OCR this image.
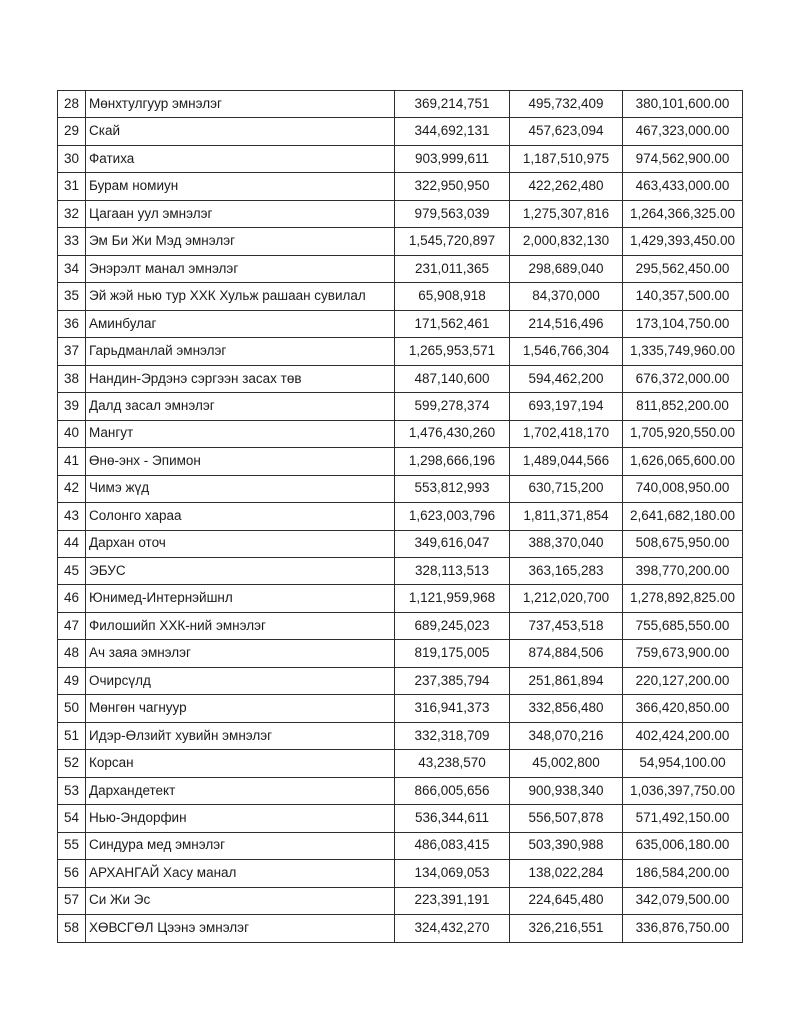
28	Мөнхтулгуур эмнэлэг	369,214,751	495,732,409	380,101,600.00
29	Скай	344,692,131	457,623,094	467,323,000.00
30	Фатиха	903,999,611	1,187,510,975	974,562,900.00
31	Бурам номиун	322,950,950	422,262,480	463,433,000.00
32	Цагаан уул эмнэлэг	979,563,039	1,275,307,816	1,264,366,325.00
33	Эм Би Жи Мэд эмнэлэг	1,545,720,897	2,000,832,130	1,429,393,450.00
34	Энэрэлт манал эмнэлэг	231,011,365	298,689,040	295,562,450.00
35	Эй жэй нью тур ХХК Хульж рашаан сувилал	65,908,918	84,370,000	140,357,500.00
36	Аминбулаг	171,562,461	214,516,496	173,104,750.00
37	Гарьдманлай эмнэлэг	1,265,953,571	1,546,766,304	1,335,749,960.00
38	Нандин-Эрдэнэ сэргээн засах төв	487,140,600	594,462,200	676,372,000.00
39	Далд засал эмнэлэг	599,278,374	693,197,194	811,852,200.00
40	Мангут	1,476,430,260	1,702,418,170	1,705,920,550.00
41	Өнө-энх - Эпимон	1,298,666,196	1,489,044,566	1,626,065,600.00
42	Чимэ жүд	553,812,993	630,715,200	740,008,950.00
43	Солонго хараа	1,623,003,796	1,811,371,854	2,641,682,180.00
44	Дархан оточ	349,616,047	388,370,040	508,675,950.00
45	ЭБУС	328,113,513	363,165,283	398,770,200.00
46	Юнимед-Интернэйшнл	1,121,959,968	1,212,020,700	1,278,892,825.00
47	Филошийп ХХК-ний эмнэлэг	689,245,023	737,453,518	755,685,550.00
48	Ач заяа эмнэлэг	819,175,005	874,884,506	759,673,900.00
49	Очирсүлд	237,385,794	251,861,894	220,127,200.00
50	Мөнгөн чагнуур	316,941,373	332,856,480	366,420,850.00
51	Идэр-Өлзийт хувийн эмнэлэг	332,318,709	348,070,216	402,424,200.00
52	Корсан	43,238,570	45,002,800	54,954,100.00
53	Дархандетект	866,005,656	900,938,340	1,036,397,750.00
54	Нью-Эндорфин	536,344,611	556,507,878	571,492,150.00
55	Синдура мед эмнэлэг	486,083,415	503,390,988	635,006,180.00
56	АРХАНГАЙ Хасу манал	134,069,053	138,022,284	186,584,200.00
57	Си Жи Эс	223,391,191	224,645,480	342,079,500.00
58	ХӨВСГӨЛ Цээнэ эмнэлэг	324,432,270	326,216,551	336,876,750.00
